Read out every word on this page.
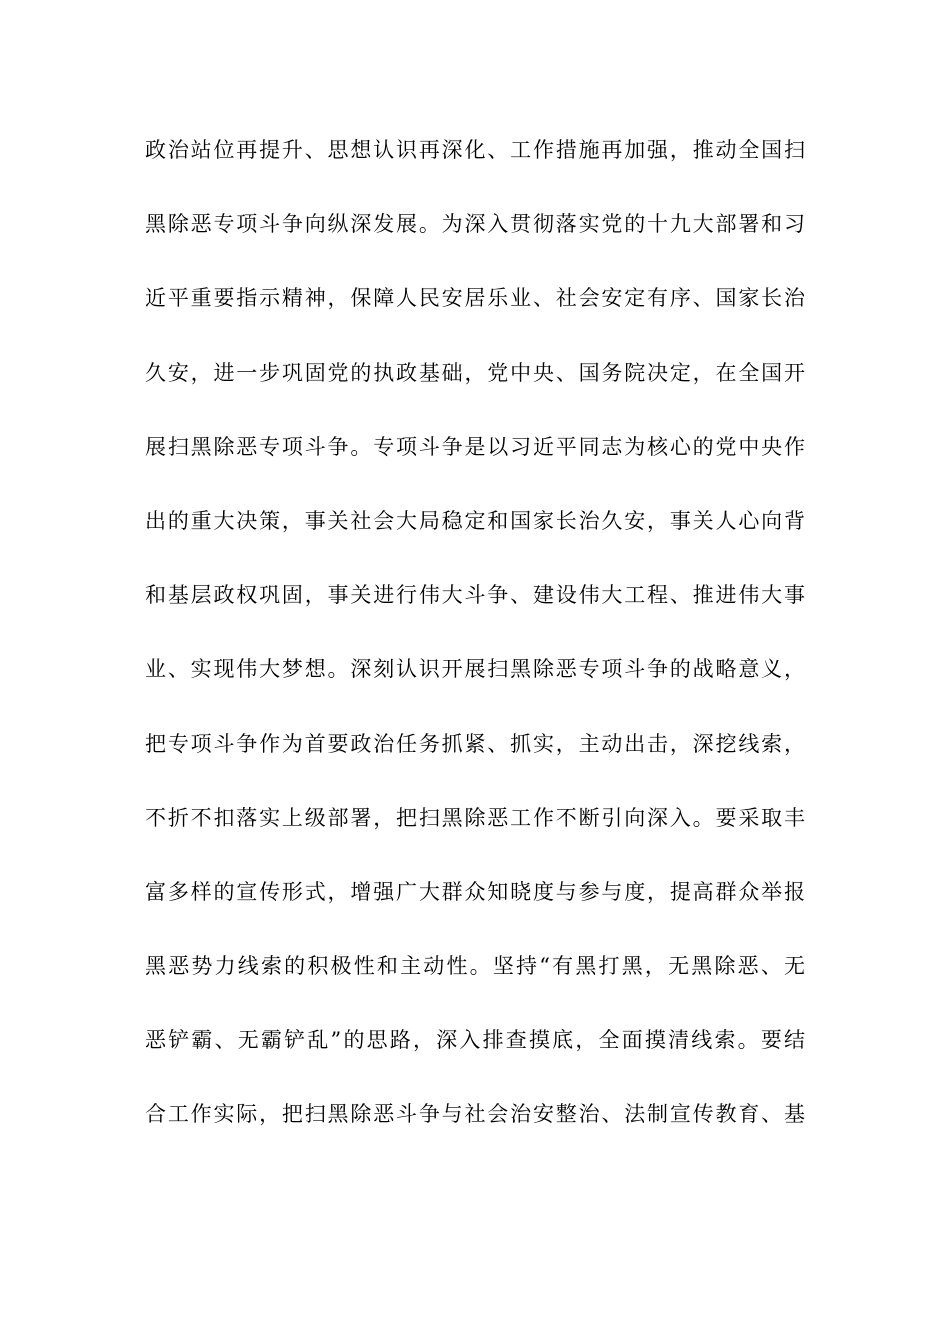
政治站位再提升、思想认识再深化、工作措施再加强，推动全国扫
黑除恶专项斗争向纵深发展。为深入贯彻落实党的十九大部署和习
近平重要指示精神，保障人民安居乐业、社会安定有序、国家长治
久安，进一步巩固党的执政基础，党中央、国务院决定，在全国开
展扫黑除恶专项斗争。专项斗争是以习近平同志为核心的党中央作
出的重大决策，事关社会大局稳定和国家长治久安，事关人心向背
和基层政权巩固，事关进行伟大斗争、建设伟大工程、推进伟大事
业、实现伟大梦想。深刻认识开展扫黑除恶专项斗争的战略意义，
把专项斗争作为首要政治任务抓紧、抓实，主动出击，深挖线索，
不折不扣落实上级部署，把扫黑除恶工作不断引向深入。要采取丰
富多样的宣传形式，增强广大群众知晓度与参与度，提高群众举报
黑恶势力线索的积极性和主动性。坚持“有黑打黑，无黑除恶、无
恶铲霸、无霸铲乱”的思路，深入排查摸底，全面摸清线索。要结
合工作实际，把扫黑除恶斗争与社会治安整治、法制宣传教育、基
